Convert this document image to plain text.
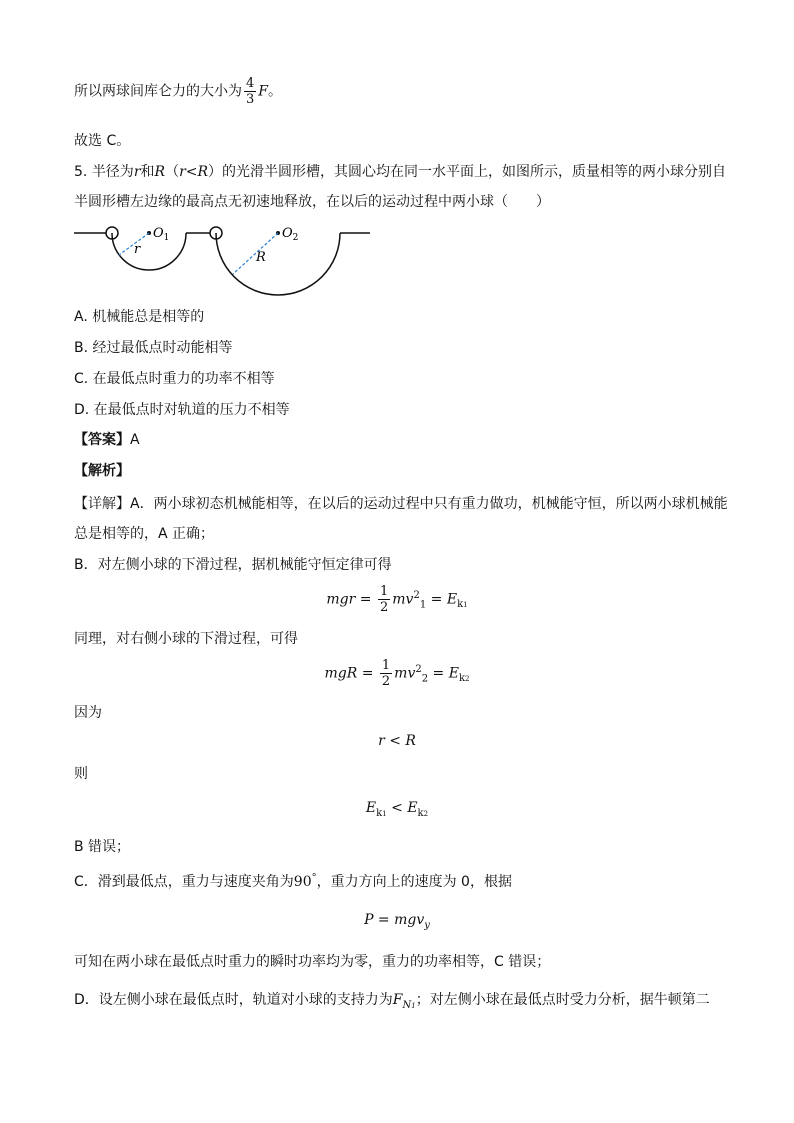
所以两球间库仑力的大小为 $\frac{4}{3}$ F。
故选 C。
5. 半径为r和R（r<R）的光滑半圆形槽，其圆心均在同一水平面上，如图所示，质量相等的两小球分别自
半圆形槽左边缘的最高点无初速地释放，在以后的运动过程中两小球（　　）
$O_1$	$O_2$
r
R
A. 机械能总是相等的
B. 经过最低点时动能相等
C. 在最低点时重力的功率不相等
D. 在最低点时对轨道的压力不相等
【答案】A
【解析】
【详解】A．两小球初态机械能相等，在以后的运动过程中只有重力做功，机械能守恒，所以两小球机械能
总是相等的，A 正确；
B．对左侧小球的下滑过程，据机械能守恒定律可得
mgr = $\frac{1}{2} mv^2_1 = E_{k1}$
同理，对右侧小球的下滑过程，可得
mgR = $\frac{1}{2} mv^2_2 = E_{k2}$
因为
r < R
则
$E_{k1} < E_{k2}$
B 错误；
C．滑到最低点，重力与速度夹角为90°，重力方向上的速度为 0，根据
P = mgv$_y$
可知在两小球在最低点时重力的瞬时功率均为零，重力的功率相等，C 错误；
D．设左侧小球在最低点时，轨道对小球的支持力为$F_{N1}$；对左侧小球在最低点时受力分析，据牛顿第二
